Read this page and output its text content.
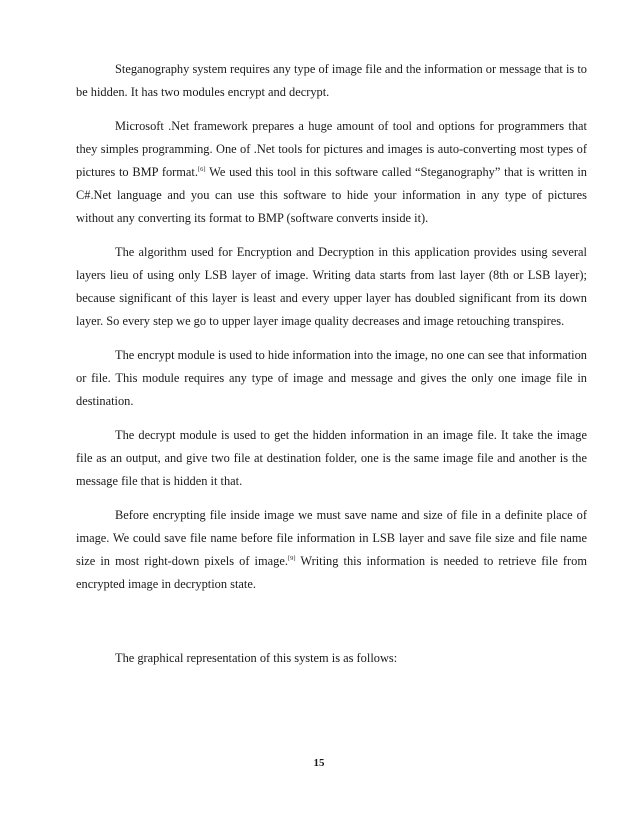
Steganography system requires any type of image file and the information or message that is to be hidden. It has two modules encrypt and decrypt.

Microsoft .Net framework prepares a huge amount of tool and options for programmers that they simples programming. One of .Net tools for pictures and images is auto-converting most types of pictures to BMP format.[6] We used this tool in this software called “Steganography” that is written in C#.Net language and you can use this software to hide your information in any type of pictures without any converting its format to BMP (software converts inside it).

The algorithm used for Encryption and Decryption in this application provides using several layers lieu of using only LSB layer of image. Writing data starts from last layer (8th or LSB layer); because significant of this layer is least and every upper layer has doubled significant from its down layer. So every step we go to upper layer image quality decreases and image retouching transpires.

The encrypt module is used to hide information into the image, no one can see that information or file. This module requires any type of image and message and gives the only one image file in destination.

The decrypt module is used to get the hidden information in an image file. It take the image file as an output, and give two file at destination folder, one is the same image file and another is the message file that is hidden it that.

Before encrypting file inside image we must save name and size of file in a definite place of image. We could save file name before file information in LSB layer and save file size and file name size in most right-down pixels of image.[9] Writing this information is needed to retrieve file from encrypted image in decryption state.

The graphical representation of this system is as follows:

15
